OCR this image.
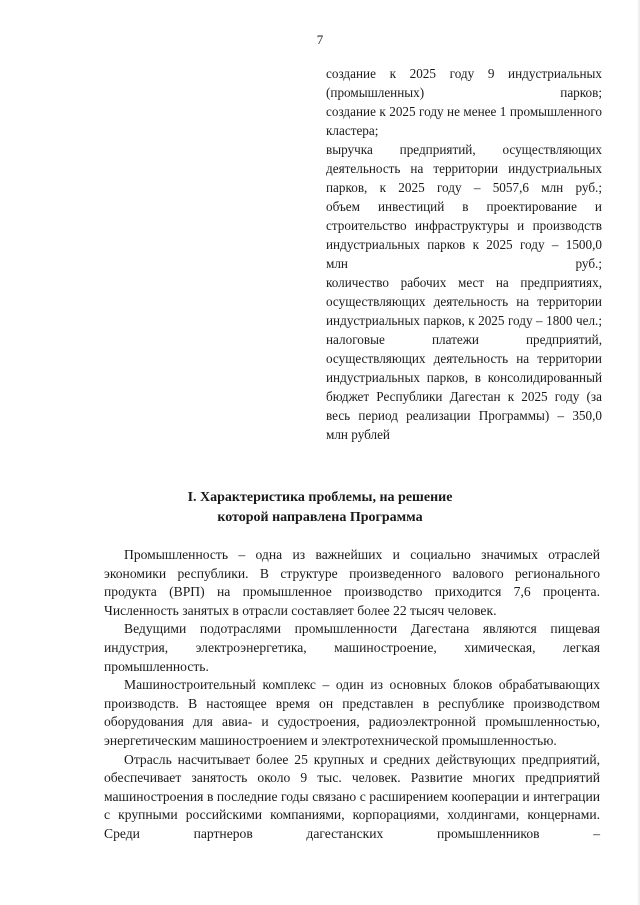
7

создание к 2025 году 9 индустриальных (промышленных) парков;

создание к 2025 году не менее 1 промышленного кластера;

выручка предприятий, осуществляющих деятельность на территории индустриальных парков, к 2025 году – 5057,6 млн руб.;

объем инвестиций в проектирование и строительство инфраструктуры и производств индустриальных парков к 2025 году – 1500,0 млн руб.;

количество рабочих мест на предприятиях, осуществляющих деятельность на территории индустриальных парков, к 2025 году – 1800 чел.;

налоговые платежи предприятий, осуществляющих деятельность на территории индустриальных парков, в консолидированный бюджет Республики Дагестан к 2025 году (за весь период реализации Программы) – 350,0 млн рублей

I. Характеристика проблемы, на решение
которой направлена Программа

Промышленность – одна из важнейших и социально значимых отраслей экономики республики. В структуре произведенного валового регионального продукта (ВРП) на промышленное производство приходится 7,6 процента. Численность занятых в отрасли составляет более 22 тысяч человек.

Ведущими подотраслями промышленности Дагестана являются пищевая индустрия, электроэнергетика, машиностроение, химическая, легкая промышленность.

Машиностроительный комплекс – один из основных блоков обрабатывающих производств. В настоящее время он представлен в республике производством оборудования для авиа- и судостроения, радиоэлектронной промышленностью, энергетическим машиностроением и электротехнической промышленностью.

Отрасль насчитывает более 25 крупных и средних действующих предприятий, обеспечивает занятость около 9 тыс. человек. Развитие многих предприятий машиностроения в последние годы связано с расширением кооперации и интеграции с крупными российскими компаниями, корпорациями, холдингами, концернами. Среди партнеров дагестанских промышленников –
